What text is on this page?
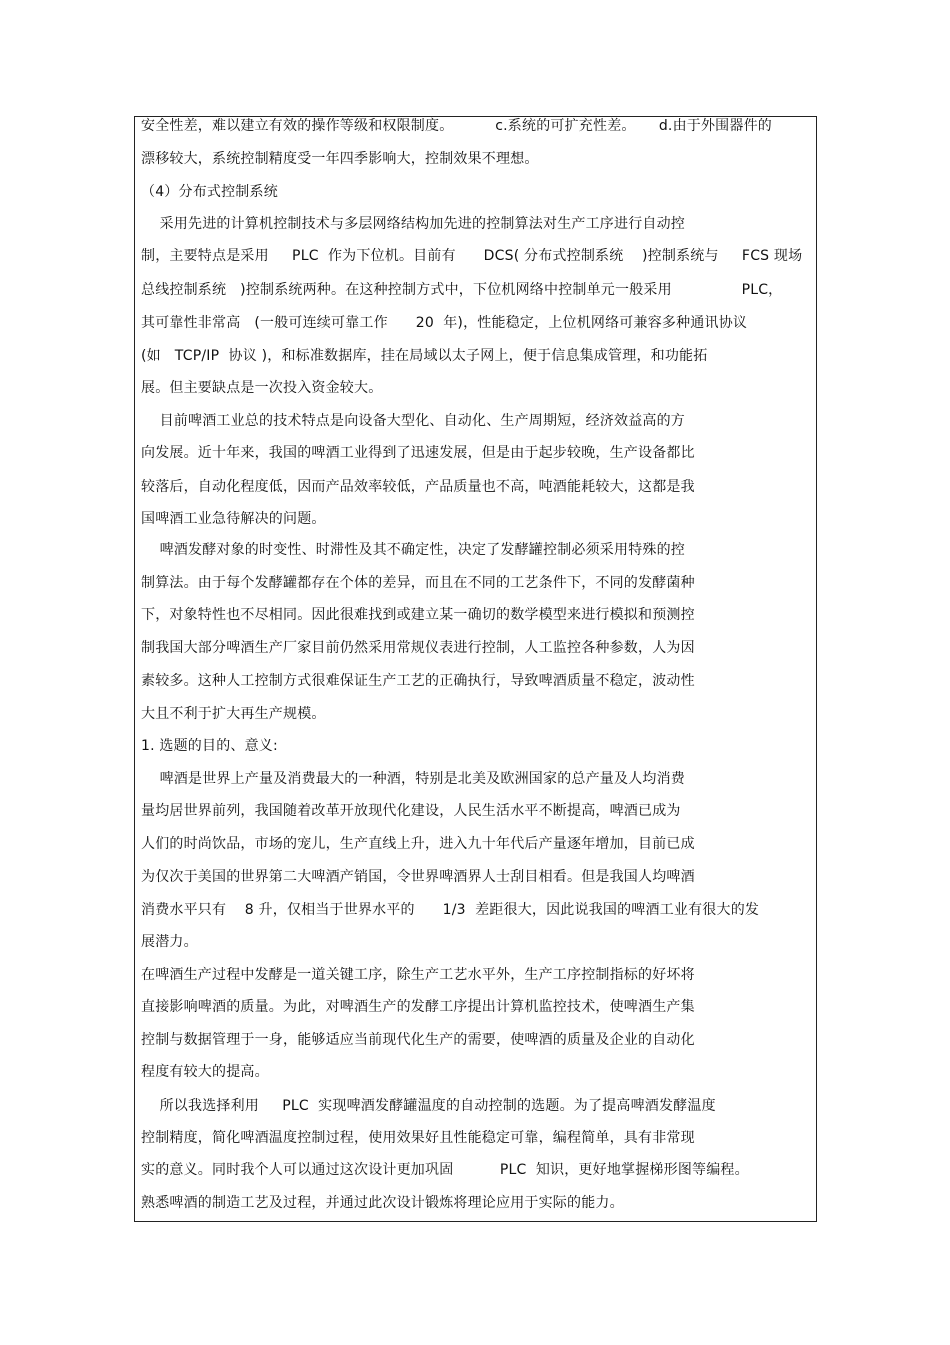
安全性差，难以建立有效的操作等级和权限制度。         c.系统的可扩充性差。     d.由于外围器件的
漂移较大，系统控制精度受一年四季影响大，控制效果不理想。
（4）分布式控制系统
采用先进的计算机控制技术与多层网络结构加先进的控制算法对生产工序进行自动控
制，主要特点是采用     PLC  作为下位机。目前有      DCS( 分布式控制系统    )控制系统与     FCS 现场
总线控制系统   )控制系统两种。在这种控制方式中，下位机网络中控制单元一般采用               PLC，
其可靠性非常高   (一般可连续可靠工作      20  年)，性能稳定，上位机网络可兼容多种通讯协议
(如   TCP/IP  协议 )，和标准数据库，挂在局域以太子网上，便于信息集成管理，和功能拓
展。但主要缺点是一次投入资金较大。
目前啤酒工业总的技术特点是向设备大型化、自动化、生产周期短，经济效益高的方
向发展。近十年来，我国的啤酒工业得到了迅速发展，但是由于起步较晚，生产设备都比
较落后，自动化程度低，因而产品效率较低，产品质量也不高，吨酒能耗较大，这都是我
国啤酒工业急待解决的问题。
啤酒发酵对象的时变性、时滞性及其不确定性，决定了发酵罐控制必须采用特殊的控
制算法。由于每个发酵罐都存在个体的差异，而且在不同的工艺条件下，不同的发酵菌种
下，对象特性也不尽相同。因此很难找到或建立某一确切的数学模型来进行模拟和预测控
制我国大部分啤酒生产厂家目前仍然采用常规仪表进行控制，人工监控各种参数，人为因
素较多。这种人工控制方式很难保证生产工艺的正确执行，导致啤酒质量不稳定，波动性
大且不利于扩大再生产规模。
1. 选题的目的、意义:
啤酒是世界上产量及消费最大的一种酒，特别是北美及欧洲国家的总产量及人均消费
量均居世界前列，我国随着改革开放现代化建设，人民生活水平不断提高，啤酒已成为
人们的时尚饮品，市场的宠儿，生产直线上升，进入九十年代后产量逐年增加，目前已成
为仅次于美国的世界第二大啤酒产销国，令世界啤酒界人士刮目相看。但是我国人均啤酒
消费水平只有    8 升，仅相当于世界水平的      1/3  差距很大，因此说我国的啤酒工业有很大的发
展潜力。
在啤酒生产过程中发酵是一道关键工序，除生产工艺水平外，生产工序控制指标的好坏将
直接影响啤酒的质量。为此，对啤酒生产的发酵工序提出计算机监控技术，使啤酒生产集
控制与数据管理于一身，能够适应当前现代化生产的需要，使啤酒的质量及企业的自动化
程度有较大的提高。
所以我选择利用     PLC  实现啤酒发酵罐温度的自动控制的选题。为了提高啤酒发酵温度
控制精度，简化啤酒温度控制过程，使用效果好且性能稳定可靠，编程简单，具有非常现
实的意义。同时我个人可以通过这次设计更加巩固          PLC  知识，更好地掌握梯形图等编程。
熟悉啤酒的制造工艺及过程，并通过此次设计锻炼将理论应用于实际的能力。
